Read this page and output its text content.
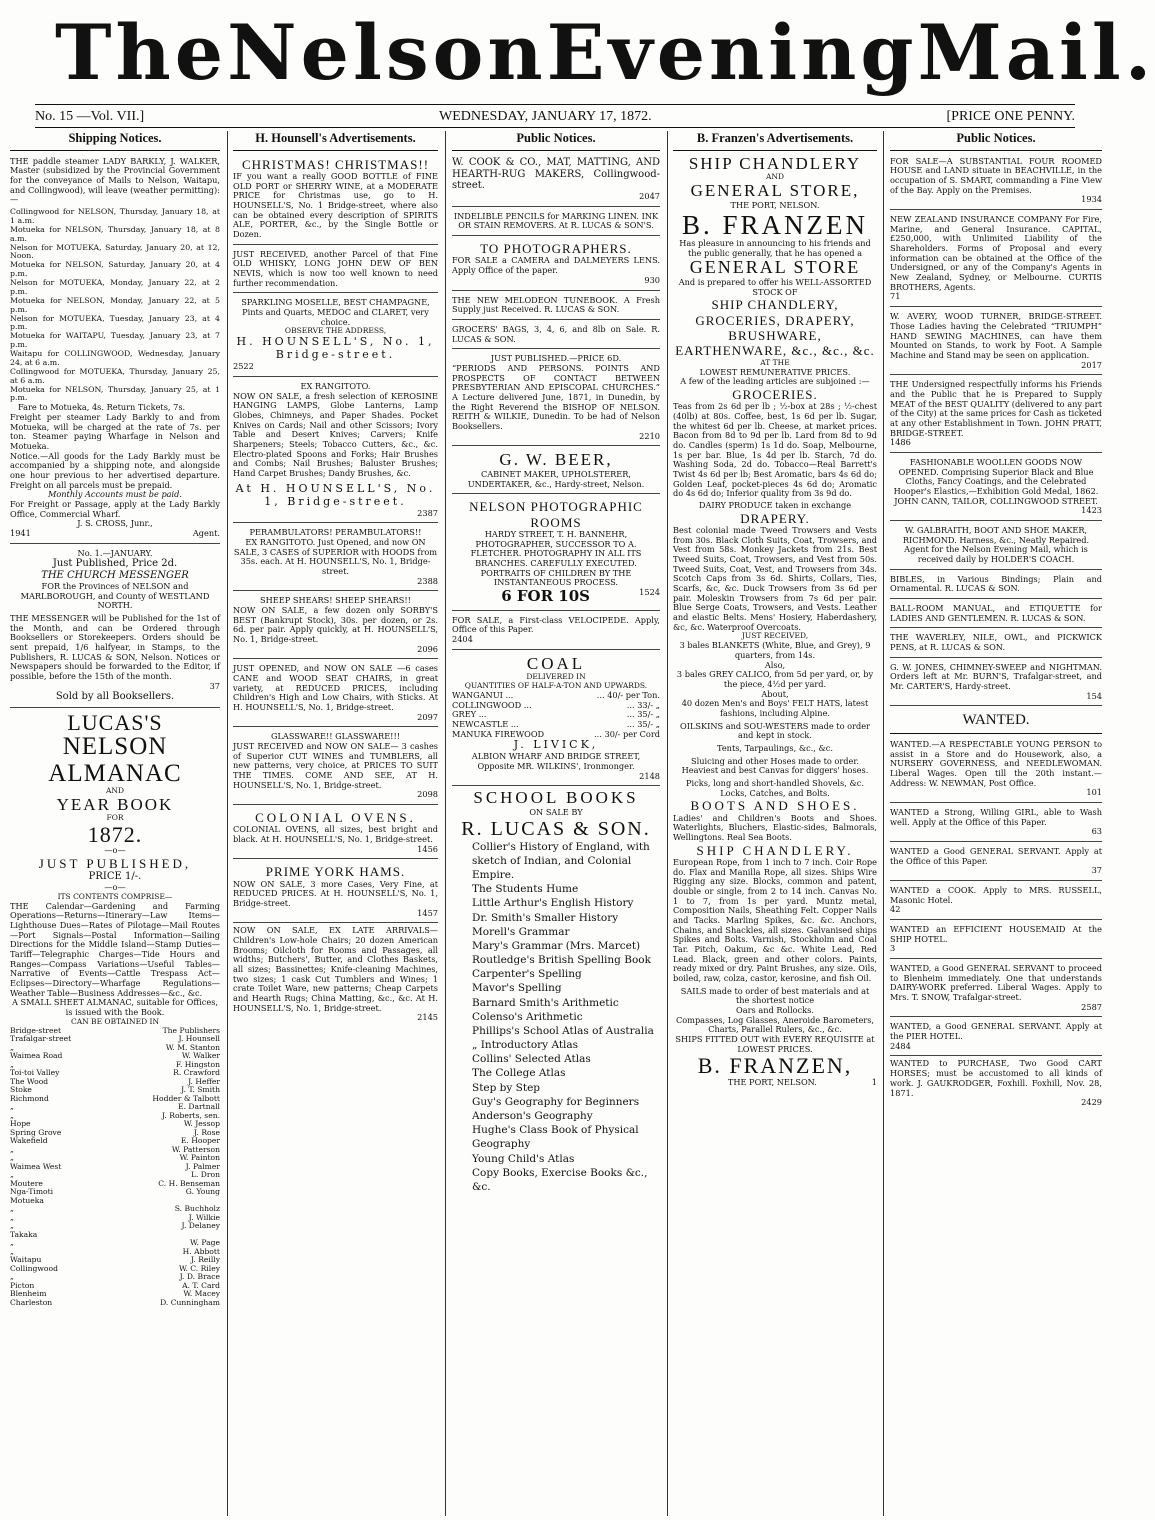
The Nelson Evening Mail.
No. 15 —Vol. VII.]	WEDNESDAY, JANUARY 17, 1872.	[PRICE ONE PENNY.
Shipping Notices.
THE paddle steamer LADY BARKLY, J. WALKER, Master (subsidized by the Provincial Government for the conveyance of Mails to Nelson, Waitapu, and Collingwood), will leave (weather permitting):—
Collingwood for NELSON, Thursday, January 18, at 1 a.m.
Motueka for NELSON, Thursday, January 18, at 8 a.m.
Nelson for MOTUEKA, Saturday, January 20, at 12, Noon.
Motueka for NELSON, Saturday, January 20, at 4 p.m.
Nelson for MOTUEKA, Monday, January 22, at 2 p.m.
Motueka for NELSON, Monday, January 22, at 5 p.m.
Nelson for MOTUEKA, Tuesday, January 23, at 4 p.m.
Motueka for WAITAPU, Tuesday, January 23, at 7 p.m.
Waitapu for COLLINGWOOD, Wednesday, January 24, at 6 a.m.
Collingwood for MOTUEKA, Thursday, January 25, at 6 a.m.
Motueka for NELSON, Thursday, January 25, at 1 p.m.
Fare to Motueka, 4s. Return Tickets, 7s.
Freight per steamer Lady Barkly to and from Motueka, will be charged at the rate of 7s. per ton. Steamer paying Wharfage in Nelson and Motueka.
Notice.—All goods for the Lady Barkly must be accompanied by a shipping note, and alongside one hour previous to her advertised departure. Freight on all parcels must be prepaid.
Monthly Accounts must be paid.
For Freight or Passage, apply at the Lady Barkly Office, Commercial Wharf.
J. S. CROSS, Junr.,
1941	Agent.
No. 1.—JANUARY.
Just Published, Price 2d.
THE CHURCH MESSENGER
FOR the Provinces of NELSON and MARLBOROUGH, and County of WESTLAND NORTH.
THE MESSENGER will be Published for the 1st of the Month, and can be Ordered through Booksellers or Storekeepers. Orders should be sent prepaid, 1/6 halfyear, in Stamps, to the Publishers, R. LUCAS & SON, Nelson. Notices or Newspapers should be forwarded to the Editor, if possible, before the 15th of the month.
37
Sold by all Booksellers.
LUCAS'S
NELSON ALMANAC
AND
YEAR BOOK
FOR
1872.
—o—
JUST PUBLISHED,
PRICE 1/-.
—o—
ITS CONTENTS COMPRISE—
THE Calendar—Gardening and Farming Operations—Returns—Itinerary—Law Items—Lighthouse Dues—Rates of Pilotage—Mail Routes—Port Signals—Postal Information—Sailing Directions for the Middle Island—Stamp Duties—Tariff—Telegraphic Charges—Tide Hours and Ranges—Compass Variations—Useful Tables—Narrative of Events—Cattle Trespass Act—Eclipses—Directory—Wharfage Regulations—Weather Table—Business Addresses—&c., &c.
A SMALL SHEET ALMANAC, suitable for Offices, is issued with the Book.
CAN BE OBTAINED IN
Bridge-street	The Publishers
Trafalgar-street	J. Hounsell
„	W. M. Stanton
Waimea Road	W. Walker
„	F. Hingston
Toi-toi Valley	R. Crawford
The Wood	J. Heffer
Stoke	J. T. Smith
Richmond	Hodder & Talbott
„	E. Dartnall
„	J. Roberts, sen.
Hope	W. Jessop
Spring Grove	J. Rose
Wakefield	E. Hooper
„	W. Patterson
„	W. Painton
Waimea West	J. Palmer
„	L. Dron
Moutere	C. H. Benseman
Nga-Timoti	G. Young
Motueka
„	S. Buchholz
„	J. Wilkie
„	J. Delaney
Takaka
„	W. Page
„	H. Abbott
Waitapu	J. Reilly
Collingwood	W. C. Riley
„	J. D. Brace
Picton	A. T. Card
Blenheim	W. Macey
Charleston	D. Cunningham
H. Hounsell's Advertisements.
CHRISTMAS! CHRISTMAS!!
IF you want a really GOOD BOTTLE of FINE OLD PORT or SHERRY WINE, at a MODERATE PRICE for Christmas use, go to H. HOUNSELL'S, No. 1 Bridge-street, where also can be obtained every description of SPIRITS ALE, PORTER, &c., by the Single Bottle or Dozen.
JUST RECEIVED, another Parcel of that Fine OLD WHISKY, LONG JOHN DEW OF BEN NEVIS, which is now too well known to need further recommendation.
SPARKLING MOSELLE, BEST CHAMPAGNE, Pints and Quarts, MEDOC and CLARET, very choice.
OBSERVE THE ADDRESS,
H. HOUNSELL'S, No. 1, Bridge-street.
2522
EX RANGITOTO.
NOW ON SALE, a fresh selection of KEROSINE HANGING LAMPS, Globe Lanterns, Lamp Globes, Chimneys, and Paper Shades. Pocket Knives on Cards; Nail and other Scissors; Ivory Table and Desert Knives; Carvers; Knife Sharpeners; Steels; Tobacco Cutters, &c., &c. Electro-plated Spoons and Forks; Hair Brushes and Combs; Nail Brushes; Baluster Brushes; Hand Carpet Brushes; Dandy Brushes, &c.
At H. HOUNSELL'S, No. 1, Bridge-street.
2387
PERAMBULATORS! PERAMBULATORS!!
EX RANGITOTO. Just Opened, and now ON SALE, 3 CASES of SUPERIOR with HOODS from 35s. each. At H. HOUNSELL'S, No. 1, Bridge-street.
2388
SHEEP SHEARS! SHEEP SHEARS!!
NOW ON SALE, a few dozen only SORBY'S BEST (Bankrupt Stock), 30s. per dozen, or 2s. 6d. per pair. Apply quickly, at H. HOUNSELL'S, No. 1, Bridge-street.
2096
JUST OPENED, and NOW ON SALE —6 cases CANE and WOOD SEAT CHAIRS, in great variety, at REDUCED PRICES, including Children's High and Low Chairs, with Sticks. At H. HOUNSELL'S, No. 1, Bridge-street.
2097
GLASSWARE!! GLASSWARE!!!
JUST RECEIVED and NOW ON SALE— 3 cashes of Superior CUT WINES and TUMBLERS, all new patterns, very choice, at PRICES TO SUIT THE TIMES. COME AND SEE, AT H. HOUNSELL'S, No. 1, Bridge-street.
2098
COLONIAL OVENS.
COLONIAL OVENS, all sizes, best bright and black. At H. HOUNSELL'S, No. 1, Bridge-street.
1456
PRIME YORK HAMS.
NOW ON SALE, 3 more Cases, Very Fine, at REDUCED PRICES. At H. HOUNSELL'S, No. 1, Bridge-street.
1457
NOW ON SALE, EX LATE ARRIVALS— Children's Low-hole Chairs; 20 dozen American Brooms; Oilcloth for Rooms and Passages, all widths; Butchers', Butter, and Clothes Baskets, all sizes; Bassinettes; Knife-cleaning Machines, two sizes; 1 cask Cut Tumblers and Wines; 1 crate Toilet Ware, new patterns; Cheap Carpets and Hearth Rugs; China Matting, &c., &c. At H. HOUNSELL'S, No. 1, Bridge-street.
2145
Public Notices.
W. COOK & CO., MAT, MATTING, AND HEARTH-RUG MAKERS, Collingwood-street.
2047
INDELIBLE PENCILS for MARKING LINEN. INK OR STAIN REMOVERS. At R. LUCAS & SON'S.
TO PHOTOGRAPHERS.
FOR SALE a CAMERA and DALMEYERS LENS. Apply Office of the paper.
930
THE NEW MELODEON TUNEBOOK. A Fresh Supply just Received. R. LUCAS & SON.
GROCERS' BAGS, 3, 4, 6, and 8lb on Sale. R. LUCAS & SON.
JUST PUBLISHED.—PRICE 6D.
“PERIODS AND PERSONS. POINTS AND PROSPECTS OF CONTACT BETWEEN PRESBYTERIAN AND EPISCOPAL CHURCHES.” A Lecture delivered June, 1871, in Dunedin, by the Right Reverend the BISHOP OF NELSON. REITH & WILKIE, Dunedin. To be had of Nelson Booksellers.
2210
G. W. BEER,
CABINET MAKER, UPHOLSTERER, UNDERTAKER, &c., Hardy-street, Nelson.
NELSON PHOTOGRAPHIC ROOMS
HARDY STREET, T. H. BANNEHR, PHOTOGRAPHER, SUCCESSOR TO A. FLETCHER. PHOTOGRAPHY IN ALL ITS BRANCHES. CAREFULLY EXECUTED. PORTRAITS OF CHILDREN BY THE INSTANTANEOUS PROCESS.
6 FOR 10S	1524
FOR SALE, a First-class VELOCIPEDE. Apply, Office of this Paper.
2404
COAL
DELIVERED IN
QUANTITIES OF HALF-A-TON AND UPWARDS.
WANGANUI ...	... 40/- per Ton.
COLLINGWOOD ...	... 33/- „
GREY ...	... 35/- „
NEWCASTLE ...	... 35/- „
MANUKA FIREWOOD	... 30/- per Cord
J. LIVICK,
ALBION WHARF AND BRIDGE STREET,
Opposite MR. WILKINS', Ironmonger.
2148
SCHOOL BOOKS
ON SALE BY
R. LUCAS & SON.
Collier's History of England, with sketch of Indian, and Colonial Empire.
The Students Hume
Little Arthur's English History
Dr. Smith's Smaller History
Morell's Grammar
Mary's Grammar (Mrs. Marcet)
Routledge's British Spelling Book
Carpenter's Spelling
Mavor's Spelling
Barnard Smith's Arithmetic
Colenso's Arithmetic
Phillips's School Atlas of Australia
„ Introductory Atlas
Collins' Selected Atlas
The College Atlas
Step by Step
Guy's Geography for Beginners
Anderson's Geography
Hughe's Class Book of Physical Geography
Young Child's Atlas
Copy Books, Exercise Books &c., &c.
B. Franzen's Advertisements.
SHIP CHANDLERY
AND
GENERAL STORE,
THE PORT, NELSON.
B. FRANZEN
Has pleasure in announcing to his friends and the public generally, that he has opened a
GENERAL STORE
And is prepared to offer his WELL-ASSORTED STOCK OF
SHIP CHANDLERY,
GROCERIES, DRAPERY,
BRUSHWARE,
EARTHENWARE, &c., &c., &c.
AT THE
LOWEST REMUNERATIVE PRICES.
A few of the leading articles are subjoined :—
GROCERIES.
Teas from 2s 6d per lb ; ½-box at 28s ; ½-chest (40lb) at 80s. Coffee, best, 1s 6d per lb. Sugar, the whitest 6d per lb. Cheese, at market prices. Bacon from 8d to 9d per lb. Lard from 8d to 9d do. Candles (sperm) 1s 1d do. Soap, Melbourne, 1s per bar. Blue, 1s 4d per lb. Starch, 7d do. Washing Soda, 2d do. Tobacco—Real Barrett's Twist 4s 6d per lb; Best Aromatic, bars 4s 6d do; Golden Leaf, pocket-pieces 4s 6d do; Aromatic do 4s 6d do; Inferior quality from 3s 9d do.
DAIRY PRODUCE taken in exchange
DRAPERY.
Best colonial made Tweed Trowsers and Vests from 30s. Black Cloth Suits, Coat, Trowsers, and Vest from 58s. Monkey Jackets from 21s. Best Tweed Suits, Coat, Trowsers, and Vest from 50s. Tweed Suits, Coat, Vest, and Trowsers from 34s. Scotch Caps from 3s 6d. Shirts, Collars, Ties, Scarfs, &c, &c. Duck Trowsers from 3s 6d per pair. Moleskin Trowsers from 7s 6d per pair. Blue Serge Coats, Trowsers, and Vests. Leather and elastic Belts. Mens' Hosiery, Haberdashery, &c, &c. Waterproof Overcoats.
JUST RECEIVED,
3 bales BLANKETS (White, Blue, and Grey), 9 quarters, from 14s.
Also,
3 bales GREY CALICO, from 5d per yard, or, by the piece, 4½d per yard.
About,
40 dozen Men's and Boys' FELT HATS, latest fashions, including Alpine.
OILSKINS and SOU-WESTERS made to order and kept in stock.
Tents, Tarpaulings, &c., &c.
Sluicing and other Hoses made to order. Heaviest and best Canvas for diggers' hoses.
Picks, long and short-handled Shovels, &c. Locks, Catches, and Bolts.
BOOTS AND SHOES.
Ladies' and Children's Boots and Shoes. Waterlights, Bluchers, Elastic-sides, Balmorals, Wellingtons. Real Sea Boots.
SHIP CHANDLERY.
European Rope, from 1 inch to 7 inch. Coir Rope do. Flax and Manilla Rope, all sizes. Ships Wire Rigging any size. Blocks, common and patent, double or single, from 2 to 14 inch. Canvas No. 1 to 7, from 1s per yard. Muntz metal, Composition Nails, Sheathing Felt. Copper Nails and Tacks. Marling Spikes, &c. &c. Anchors, Chains, and Shackles, all sizes. Galvanised ships Spikes and Bolts. Varnish, Stockholm and Coal Tar. Pitch, Oakum, &c &c. White Lead, Red Lead. Black, green and other colors. Paints, ready mixed or dry. Paint Brushes, any size. Oils, boiled, raw, colza, castor, kerosine, and fish Oil.
SAILS made to order of best materials and at the shortest notice
Oars and Rollocks.
Compasses, Log Glasses, Aneroide Barometers, Charts, Parallel Rulers, &c., &c.
SHIPS FITTED OUT with EVERY REQUISITE at LOWEST PRICES.
B. FRANZEN,
THE PORT, NELSON.	1
Public Notices.
FOR SALE—A SUBSTANTIAL FOUR ROOMED HOUSE and LAND situate in BEACHVILLE, in the occupation of S. SMART, commanding a Fine View of the Bay. Apply on the Premises.
1934
NEW ZEALAND INSURANCE COMPANY For Fire, Marine, and General Insurance. CAPITAL, £250,000, with Unlimited Liability of the Shareholders. Forms of Proposal and every information can be obtained at the Office of the Undersigned, or any of the Company's Agents in New Zealand, Sydney, or Melbourne. CURTIS BROTHERS, Agents.
71
W. AVERY, WOOD TURNER, BRIDGE-STREET. Those Ladies having the Celebrated “TRIUMPH” HAND SEWING MACHINES, can have them Mounted on Stands, to work by Foot. A Sample Machine and Stand may be seen on application.
2017
THE Undersigned respectfully informs his Friends and the Public that he is Prepared to Supply MEAT of the BEST QUALITY (delivered to any part of the City) at the same prices for Cash as ticketed at any other Establishment in Town. JOHN PRATT, BRIDGE-STREET.
1486
FASHIONABLE WOOLLEN GOODS NOW OPENED. Comprising Superior Black and Blue Cloths, Fancy Coatings, and the Celebrated Hooper's Elastics,—Exhibition Gold Medal, 1862. JOHN CANN, TAILOR, COLLINGWOOD STREET.
1423
W. GALBRAITH, BOOT AND SHOE MAKER, RICHMOND. Harness, &c., Neatly Repaired. Agent for the Nelson Evening Mail, which is received daily by HOLDER'S COACH.
BIBLES, in Various Bindings; Plain and Ornamental. R. LUCAS & SON.
BALL-ROOM MANUAL, and ETIQUETTE for LADIES AND GENTLEMEN. R. LUCAS & SON.
THE WAVERLEY, NILE, OWL, and PICKWICK PENS, at R. LUCAS & SON.
G. W. JONES, CHIMNEY-SWEEP and NIGHTMAN. Orders left at Mr. BURN'S, Trafalgar-street, and Mr. CARTER'S, Hardy-street.
154
WANTED.
WANTED.—A RESPECTABLE YOUNG PERSON to assist in a Store and do Housework, also, a NURSERY GOVERNESS, and NEEDLEWOMAN. Liberal Wages. Open till the 20th instant.—Address: W. NEWMAN, Post Office.
101
WANTED a Strong, Willing GIRL, able to Wash well. Apply at the Office of this Paper.
63
WANTED a Good GENERAL SERVANT. Apply at the Office of this Paper.
37
WANTED a COOK. Apply to MRS. RUSSELL, Masonic Hotel.
42
WANTED an EFFICIENT HOUSEMAID At the SHIP HOTEL.
3
WANTED, a Good GENERAL SERVANT to proceed to Blenheim immediately. One that understands DAIRY-WORK preferred. Liberal Wages. Apply to Mrs. T. SNOW, Trafalgar-street.
2587
WANTED, a Good GENERAL SERVANT. Apply at the PIER HOTEL.
2484
WANTED to PURCHASE, Two Good CART HORSES; must be accustomed to all kinds of work. J. GAUKRODGER, Foxhill. Foxhill, Nov. 28, 1871.
2429
